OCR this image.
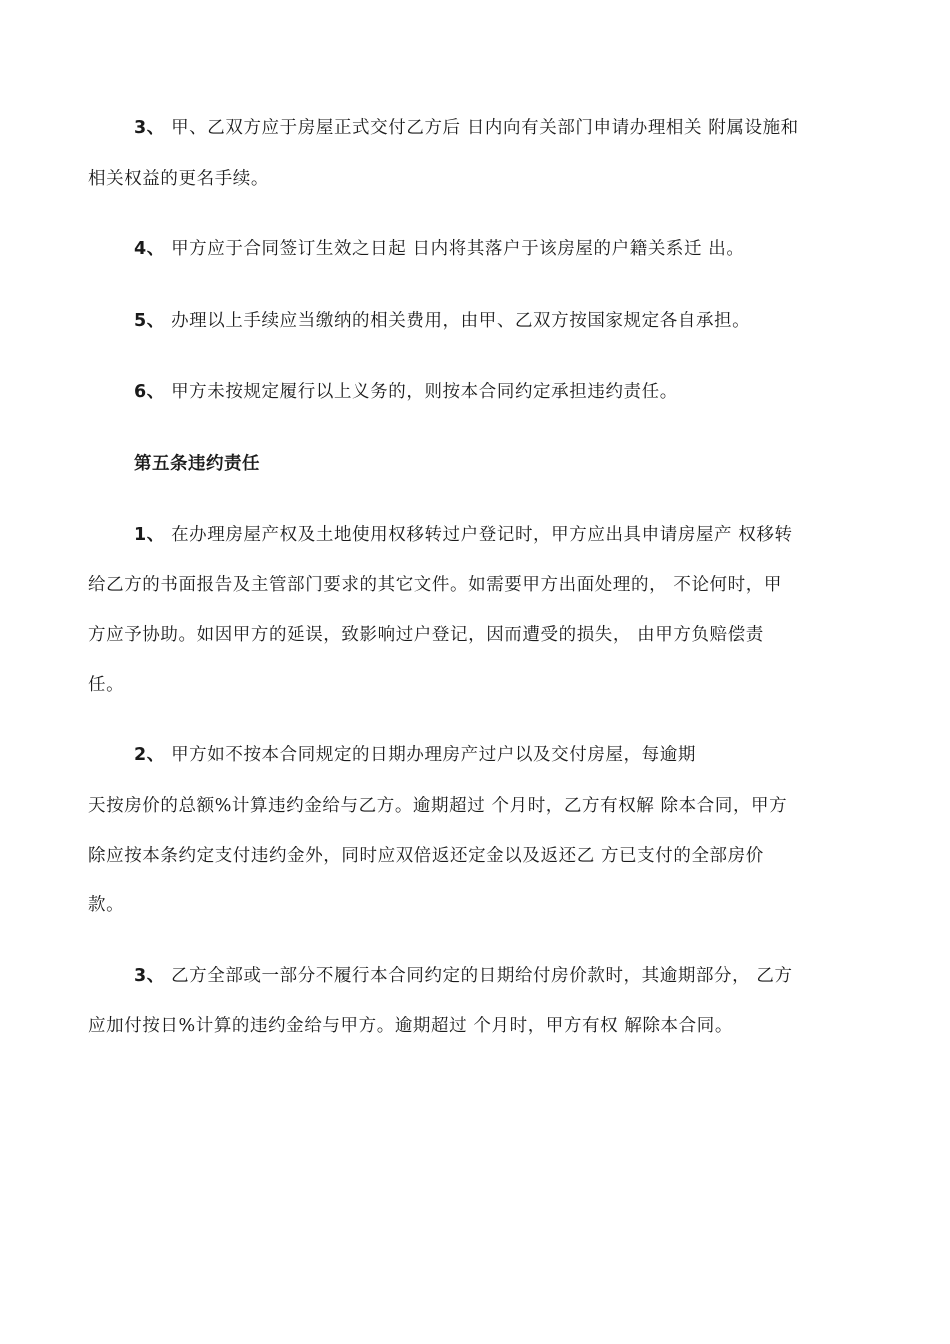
3、 甲、乙双方应于房屋正式交付乙方后 日内向有关部门申请办理相关 附属设施和
相关权益的更名手续。
4、 甲方应于合同签订生效之日起 日内将其落户于该房屋的户籍关系迁 出。
5、 办理以上手续应当缴纳的相关费用，由甲、乙双方按国家规定各自承担。
6、 甲方未按规定履行以上义务的，则按本合同约定承担违约责任。
第五条违约责任
1、 在办理房屋产权及土地使用权移转过户登记时，甲方应出具申请房屋产 权移转
给乙方的书面报告及主管部门要求的其它文件。如需要甲方出面处理的， 不论何时，甲
方应予协助。如因甲方的延误，致影响过户登记，因而遭受的损失， 由甲方负赔偿责
任。
2、 甲方如不按本合同规定的日期办理房产过户以及交付房屋，每逾期
天按房价的总额%计算违约金给与乙方。逾期超过 个月时，乙方有权解 除本合同，甲方
除应按本条约定支付违约金外，同时应双倍返还定金以及返还乙 方已支付的全部房价
款。
3、 乙方全部或一部分不履行本合同约定的日期给付房价款时，其逾期部分， 乙方
应加付按日%计算的违约金给与甲方。逾期超过 个月时，甲方有权 解除本合同。
